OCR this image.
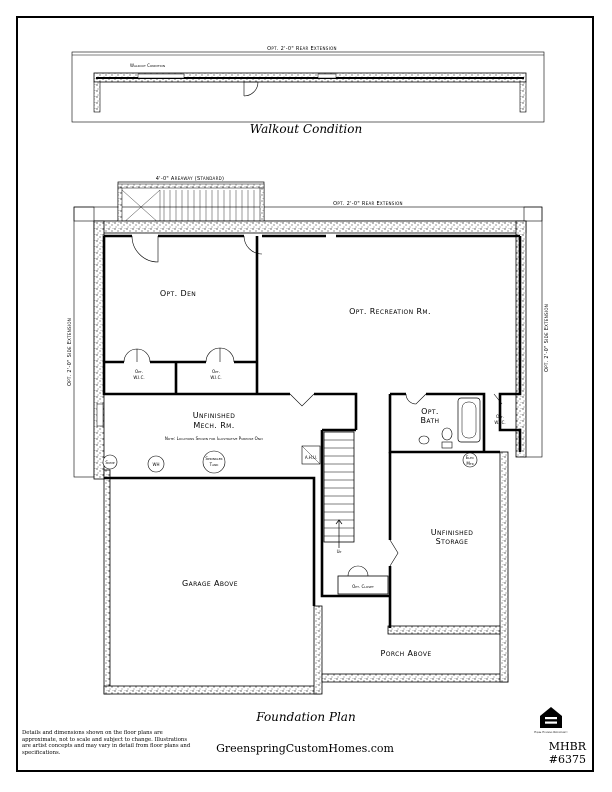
Opt. 2'-0" Rear Extension
Walkout Condition
Opt. Den
Opt. Recreation Rm.
Opt.
W.I.C.
Opt.
W.I.C.
Unfinished
Mech. Rm.
Note: Locations Shown for Illustrative Purpose Only
Opt.
Bath	Opt.
W.I.C.
Unfinished
Storage
Garage Above
Porch Above
Opt. Closet
Up
Sump	WH
Sprinkler
Tank
A.H.U.	Elec
Mtr
4'-0" Areaway (Standard)
Opt. 2'-0" Rear Extension
Opt. 2'-0" Side Extension	Opt. 2'-0" Side Extension
Equal Housing Opportunity
Walkout Condition
Foundation Plan
Details and dimensions shown on the floor plans are approximate, not to scale and subject to change. Illustrations are artist concepts and may vary in detail from floor plans and specifications.	GreenspringCustomHomes.com	MHBR #6375
